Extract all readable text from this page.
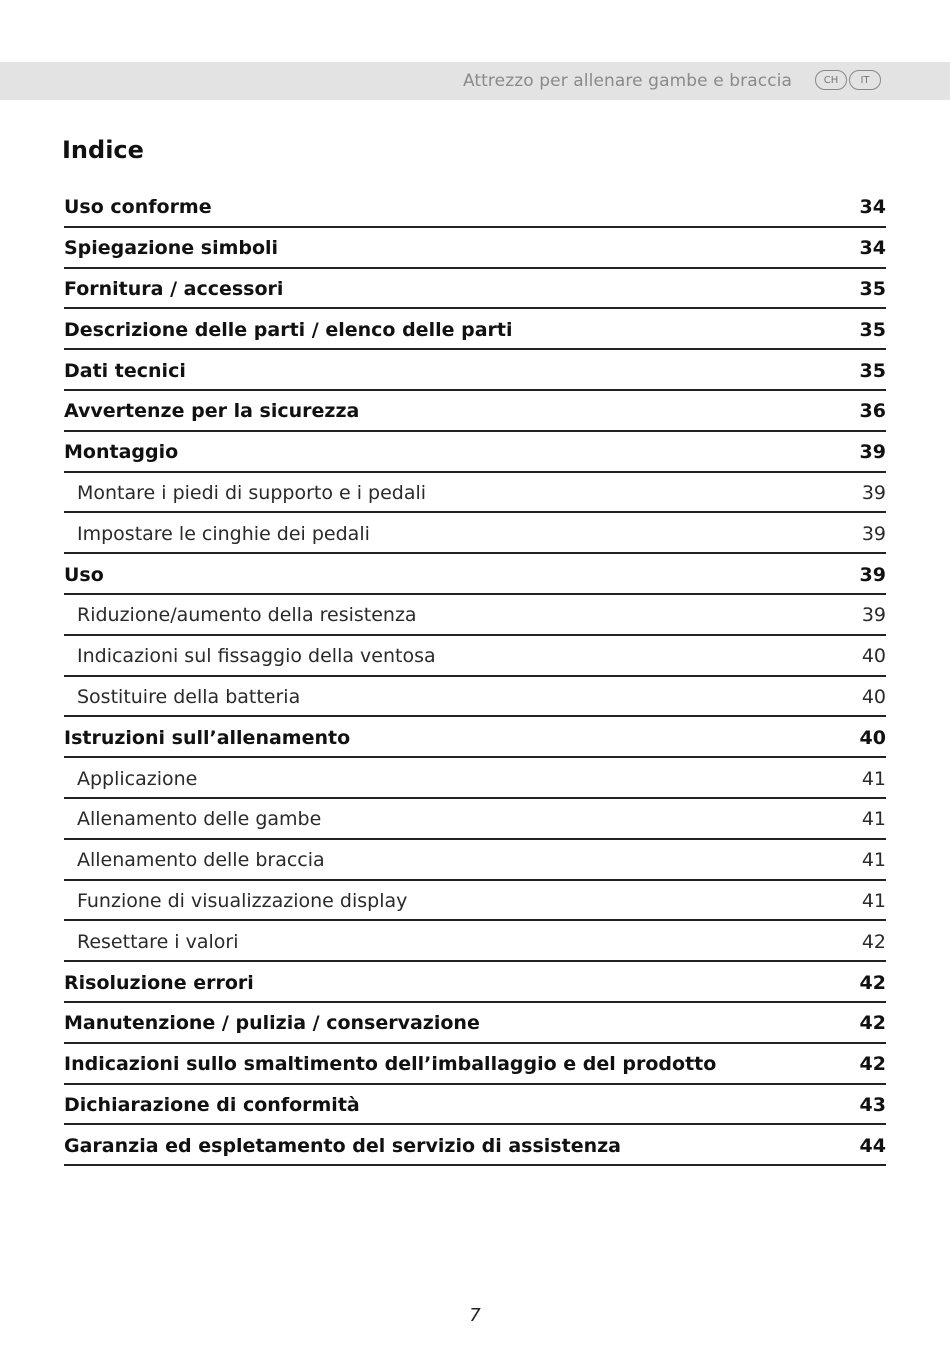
Attrezzo per allenare gambe e braccia	CH	IT
Indice
Uso conforme	34
Spiegazione simboli	34
Fornitura / accessori	35
Descrizione delle parti / elenco delle parti	35
Dati tecnici	35
Avvertenze per la sicurezza	36
Montaggio	39
Montare i piedi di supporto e i pedali	39
Impostare le cinghie dei pedali	39
Uso	39
Riduzione/aumento della resistenza	39
Indicazioni sul fissaggio della ventosa	40
Sostituire della batteria	40
Istruzioni sull’allenamento	40
Applicazione	41
Allenamento delle gambe	41
Allenamento delle braccia	41
Funzione di visualizzazione display	41
Resettare i valori	42
Risoluzione errori	42
Manutenzione / pulizia / conservazione	42
Indicazioni sullo smaltimento dell’imballaggio e del prodotto	42
Dichiarazione di conformità	43
Garanzia ed espletamento del servizio di assistenza	44
7
